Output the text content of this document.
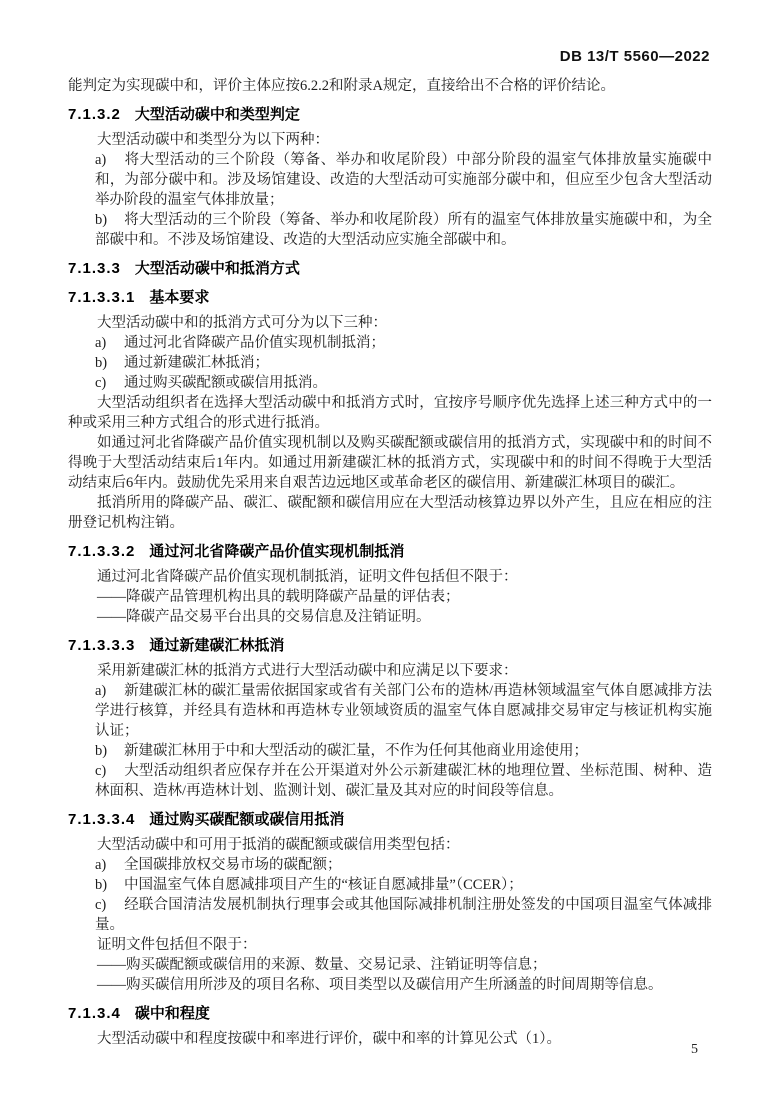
DB 13/T 5560—2022

能判定为实现碳中和，评价主体应按6.2.2和附录A规定，直接给出不合格的评价结论。

7.1.3.2 大型活动碳中和类型判定

大型活动碳中和类型分为以下两种：

a) 将大型活动的三个阶段（筹备、举办和收尾阶段）中部分阶段的温室气体排放量实施碳中和，为部分碳中和。涉及场馆建设、改造的大型活动可实施部分碳中和，但应至少包含大型活动举办阶段的温室气体排放量；
b) 将大型活动的三个阶段（筹备、举办和收尾阶段）所有的温室气体排放量实施碳中和，为全部碳中和。不涉及场馆建设、改造的大型活动应实施全部碳中和。
7.1.3.3 大型活动碳中和抵消方式
7.1.3.3.1 基本要求

大型活动碳中和的抵消方式可分为以下三种：

a) 通过河北省降碳产品价值实现机制抵消；
b) 通过新建碳汇林抵消；
c) 通过购买碳配额或碳信用抵消。

大型活动组织者在选择大型活动碳中和抵消方式时，宜按序号顺序优先选择上述三种方式中的一种或采用三种方式组合的形式进行抵消。

如通过河北省降碳产品价值实现机制以及购买碳配额或碳信用的抵消方式，实现碳中和的时间不得晚于大型活动结束后1年内。如通过用新建碳汇林的抵消方式，实现碳中和的时间不得晚于大型活动结束后6年内。鼓励优先采用来自艰苦边远地区或革命老区的碳信用、新建碳汇林项目的碳汇。

抵消所用的降碳产品、碳汇、碳配额和碳信用应在大型活动核算边界以外产生，且应在相应的注册登记机构注销。

7.1.3.3.2 通过河北省降碳产品价值实现机制抵消

通过河北省降碳产品价值实现机制抵消，证明文件包括但不限于：

——降碳产品管理机构出具的载明降碳产品量的评估表；

——降碳产品交易平台出具的交易信息及注销证明。

7.1.3.3.3 通过新建碳汇林抵消

采用新建碳汇林的抵消方式进行大型活动碳中和应满足以下要求：

a) 新建碳汇林的碳汇量需依据国家或省有关部门公布的造林/再造林领域温室气体自愿减排方法学进行核算，并经具有造林和再造林专业领域资质的温室气体自愿减排交易审定与核证机构实施认证；
b) 新建碳汇林用于中和大型活动的碳汇量，不作为任何其他商业用途使用；
c) 大型活动组织者应保存并在公开渠道对外公示新建碳汇林的地理位置、坐标范围、树种、造林面积、造林/再造林计划、监测计划、碳汇量及其对应的时间段等信息。
7.1.3.3.4 通过购买碳配额或碳信用抵消

大型活动碳中和可用于抵消的碳配额或碳信用类型包括：

a) 全国碳排放权交易市场的碳配额；
b) 中国温室气体自愿减排项目产生的“核证自愿减排量”（CCER）；
c) 经联合国清洁发展机制执行理事会或其他国际减排机制注册处签发的中国项目温室气体减排量。

证明文件包括但不限于：

——购买碳配额或碳信用的来源、数量、交易记录、注销证明等信息；

——购买碳信用所涉及的项目名称、项目类型以及碳信用产生所涵盖的时间周期等信息。

7.1.3.4 碳中和程度

大型活动碳中和程度按碳中和率进行评价，碳中和率的计算见公式（1）。

5
